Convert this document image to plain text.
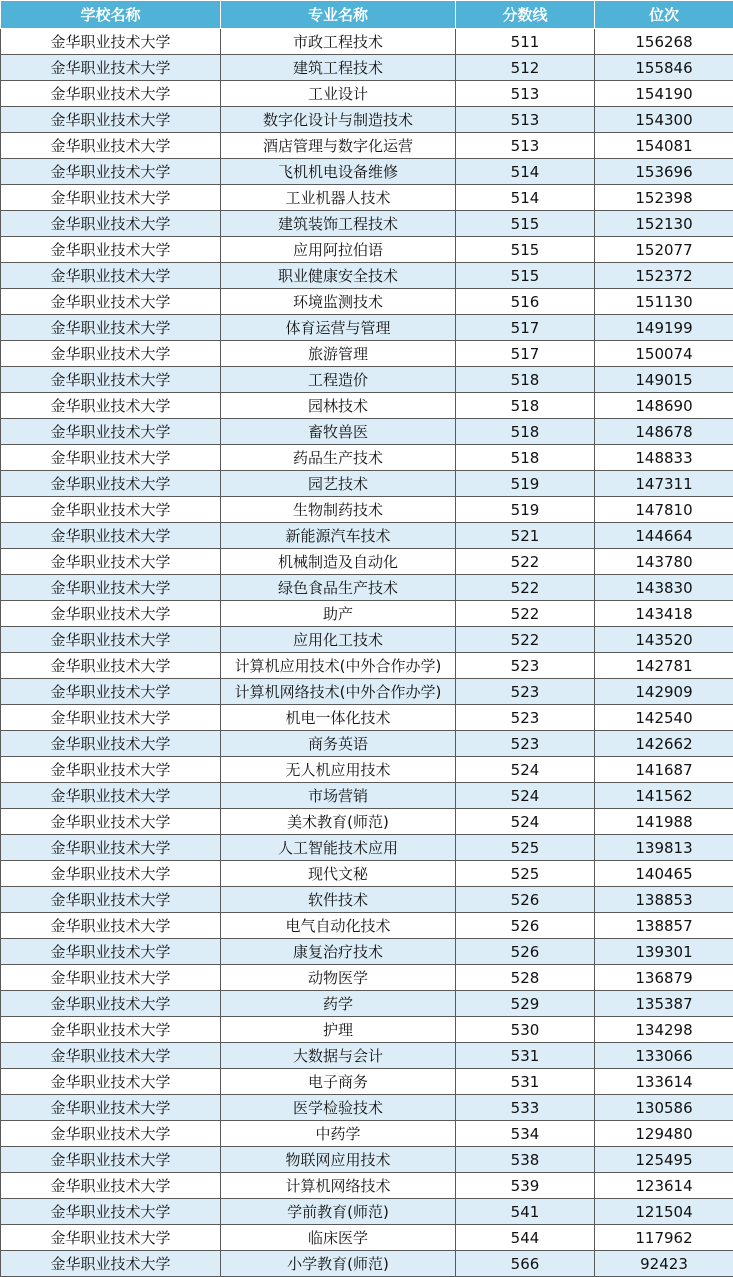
学校名称	专业名称	分数线	位次
金华职业技术大学	市政工程技术	511	156268
金华职业技术大学	建筑工程技术	512	155846
金华职业技术大学	工业设计	513	154190
金华职业技术大学	数字化设计与制造技术	513	154300
金华职业技术大学	酒店管理与数字化运营	513	154081
金华职业技术大学	飞机机电设备维修	514	153696
金华职业技术大学	工业机器人技术	514	152398
金华职业技术大学	建筑装饰工程技术	515	152130
金华职业技术大学	应用阿拉伯语	515	152077
金华职业技术大学	职业健康安全技术	515	152372
金华职业技术大学	环境监测技术	516	151130
金华职业技术大学	体育运营与管理	517	149199
金华职业技术大学	旅游管理	517	150074
金华职业技术大学	工程造价	518	149015
金华职业技术大学	园林技术	518	148690
金华职业技术大学	畜牧兽医	518	148678
金华职业技术大学	药品生产技术	518	148833
金华职业技术大学	园艺技术	519	147311
金华职业技术大学	生物制药技术	519	147810
金华职业技术大学	新能源汽车技术	521	144664
金华职业技术大学	机械制造及自动化	522	143780
金华职业技术大学	绿色食品生产技术	522	143830
金华职业技术大学	助产	522	143418
金华职业技术大学	应用化工技术	522	143520
金华职业技术大学	计算机应用技术(中外合作办学)	523	142781
金华职业技术大学	计算机网络技术(中外合作办学)	523	142909
金华职业技术大学	机电一体化技术	523	142540
金华职业技术大学	商务英语	523	142662
金华职业技术大学	无人机应用技术	524	141687
金华职业技术大学	市场营销	524	141562
金华职业技术大学	美术教育(师范)	524	141988
金华职业技术大学	人工智能技术应用	525	139813
金华职业技术大学	现代文秘	525	140465
金华职业技术大学	软件技术	526	138853
金华职业技术大学	电气自动化技术	526	138857
金华职业技术大学	康复治疗技术	526	139301
金华职业技术大学	动物医学	528	136879
金华职业技术大学	药学	529	135387
金华职业技术大学	护理	530	134298
金华职业技术大学	大数据与会计	531	133066
金华职业技术大学	电子商务	531	133614
金华职业技术大学	医学检验技术	533	130586
金华职业技术大学	中药学	534	129480
金华职业技术大学	物联网应用技术	538	125495
金华职业技术大学	计算机网络技术	539	123614
金华职业技术大学	学前教育(师范)	541	121504
金华职业技术大学	临床医学	544	117962
金华职业技术大学	小学教育(师范)	566	92423
